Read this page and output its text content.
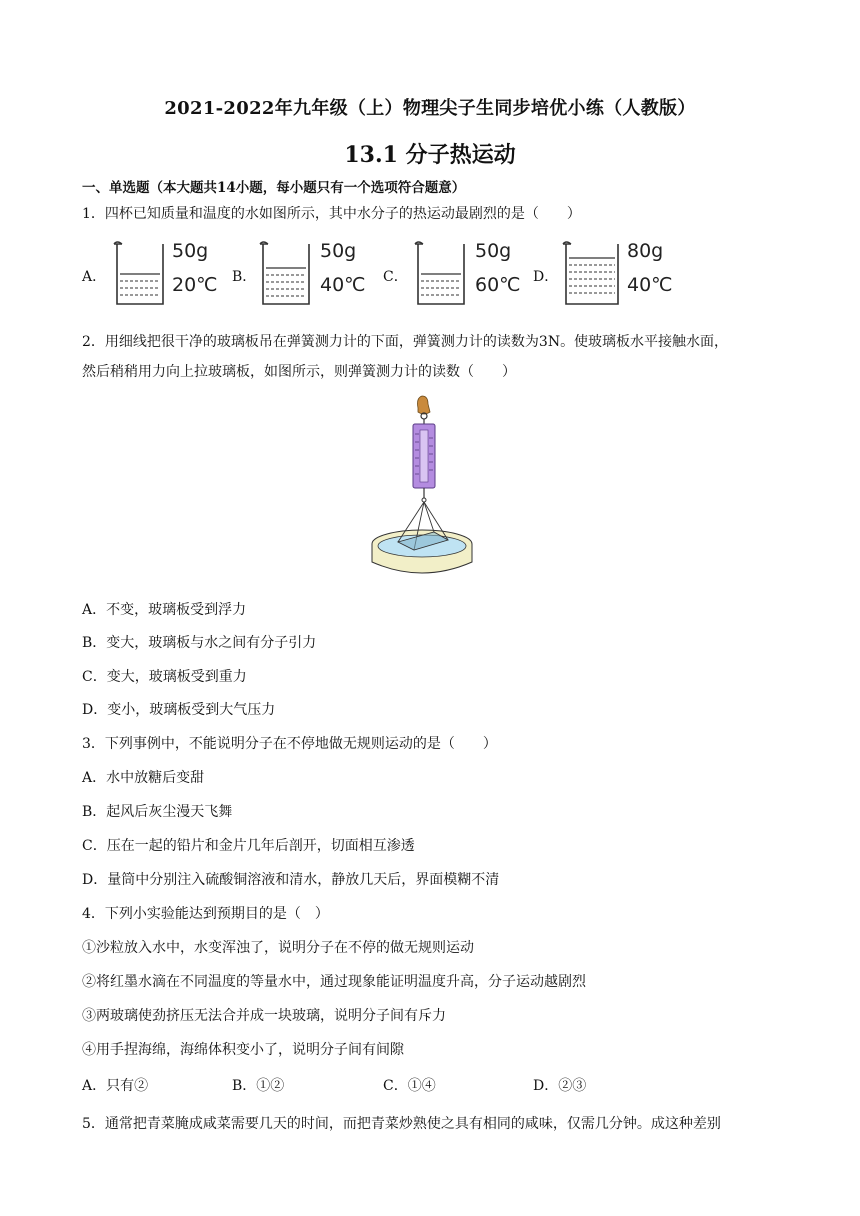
2021-2022年九年级（上）物理尖子生同步培优小练（人教版）
13.1 分子热运动
一、单选题（本大题共14小题，每小题只有一个选项符合题意）
1．四杯已知质量和温度的水如图所示，其中水分子的热运动最剧烈的是（　　）
A．
50g
20℃ B．
50g
40℃ C．
50g
60℃ D．
80g
40℃
2．用细线把很干净的玻璃板吊在弹簧测力计的下面，弹簧测力计的读数为3N。使玻璃板水平接触水面，
然后稍稍用力向上拉玻璃板，如图所示，则弹簧测力计的读数（　　）
A．不变，玻璃板受到浮力
B．变大，玻璃板与水之间有分子引力
C．变大，玻璃板受到重力
D．变小，玻璃板受到大气压力
3．下列事例中，不能说明分子在不停地做无规则运动的是（　　）
A．水中放糖后变甜
B．起风后灰尘漫天飞舞
C．压在一起的铅片和金片几年后剖开，切面相互渗透
D．量筒中分别注入硫酸铜溶液和清水，静放几天后，界面模糊不清
4．下列小实验能达到预期目的是（　）
①沙粒放入水中，水变浑浊了，说明分子在不停的做无规则运动
②将红墨水滴在不同温度的等量水中，通过现象能证明温度升高，分子运动越剧烈
③两玻璃使劲挤压无法合并成一块玻璃，说明分子间有斥力
④用手捏海绵，海绵体积变小了，说明分子间有间隙
A．只有②	B．①②	C．①④	D．②③
5．通常把青菜腌成咸菜需要几天的时间，而把青菜炒熟使之具有相同的咸味，仅需几分钟。成这种差别
